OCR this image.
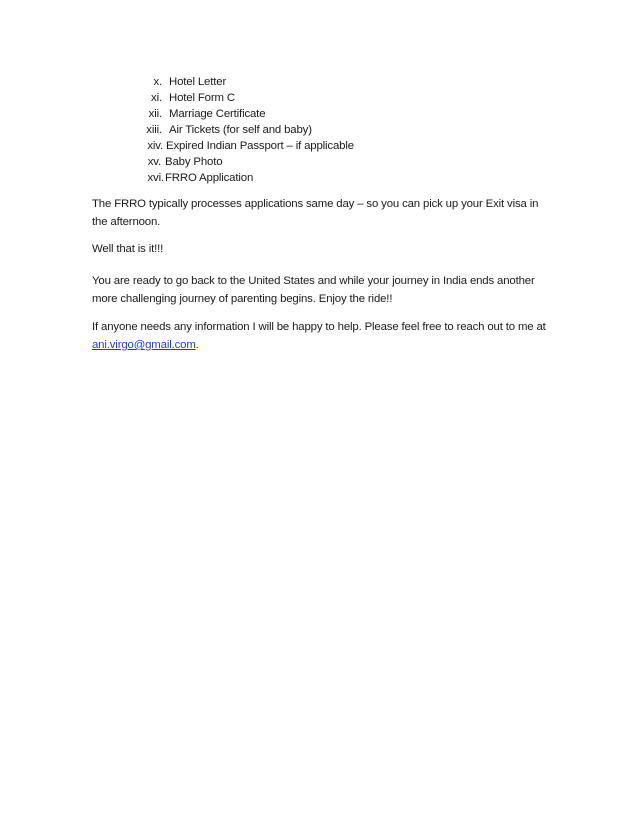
x. Hotel Letter
xi. Hotel Form C
xii. Marriage Certificate
xiii. Air Tickets (for self and baby)
xiv. Expired Indian Passport – if applicable
xv. Baby Photo
xvi. FRRO Application

The FRRO typically processes applications same day – so you can pick up your Exit visa in the afternoon.

Well that is it!!!

You are ready to go back to the United States and while your journey in India ends another more challenging journey of parenting begins. Enjoy the ride!!

If anyone needs any information I will be happy to help. Please feel free to reach out to me at ani.virgo@gmail.com.
